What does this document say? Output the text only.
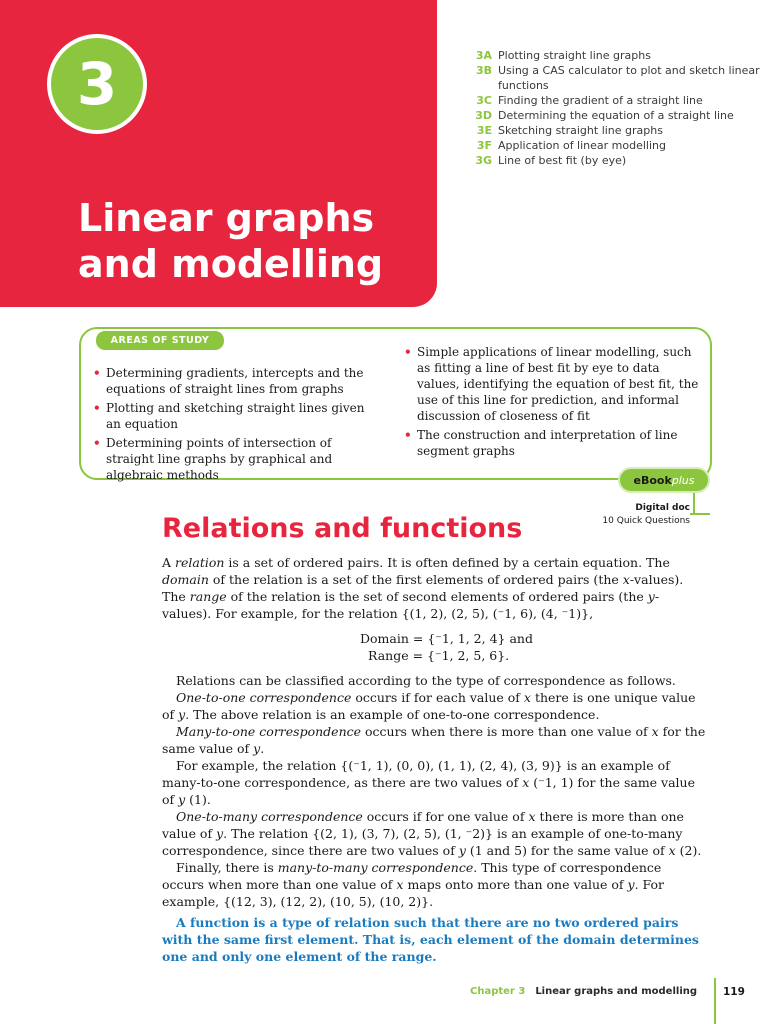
3
Linear graphs
and modelling
3A Plotting straight line graphs
3B Using a CAS calculator to plot and sketch linear functions
3C Finding the gradient of a straight line
3D Determining the equation of a straight line
3E Sketching straight line graphs
3F Application of linear modelling
3G Line of best fit (by eye)
AREAS OF STUDY
• Determining gradients, intercepts and the equations of straight lines from graphs
• Plotting and sketching straight lines given an equation
• Determining points of intersection of straight line graphs by graphical and algebraic methods
• Simple applications of linear modelling, such as fitting a line of best fit by eye to data values, identifying the equation of best fit, the use of this line for prediction, and informal discussion of closeness of fit
• The construction and interpretation of line segment graphs
eBook plus
Digital doc
10 Quick Questions
Relations and functions

A relation is a set of ordered pairs. It is often defined by a certain equation. The domain of the relation is a set of the first elements of ordered pairs (the x-values). The range of the relation is the set of second elements of ordered pairs (the y-values). For example, for the relation {(1, 2), (2, 5), (⁻1, 6), (4, ⁻1)},

Domain = {⁻1, 1, 2, 4} and
Range = {⁻1, 2, 5, 6}.

Relations can be classified according to the type of correspondence as follows.

One-to-one correspondence occurs if for each value of x there is one unique value of y. The above relation is an example of one-to-one correspondence.

Many-to-one correspondence occurs when there is more than one value of x for the same value of y.

For example, the relation {(⁻1, 1), (0, 0), (1, 1), (2, 4), (3, 9)} is an example of many-to-one correspondence, as there are two values of x (⁻1, 1) for the same value of y (1).

One-to-many correspondence occurs if for one value of x there is more than one value of y. The relation {(2, 1), (3, 7), (2, 5), (1, ⁻2)} is an example of one-to-many correspondence, since there are two values of y (1 and 5) for the same value of x (2).

Finally, there is many-to-many correspondence. This type of correspondence occurs when more than one value of x maps onto more than one value of y. For example, {(12, 3), (12, 2), (10, 5), (10, 2)}.

A function is a type of relation such that there are no two ordered pairs with the same first element. That is, each element of the domain determines one and only one element of the range.

Chapter 3 Linear graphs and modelling 119
